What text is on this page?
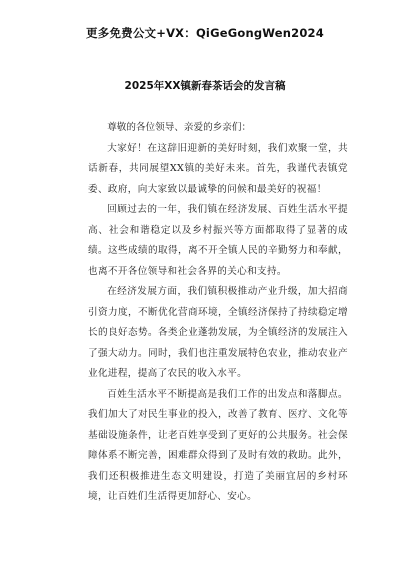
更多免费公文+VX：QiGeGongWen2024
2025年XX镇新春茶话会的发言稿

尊敬的各位领导、亲爱的乡亲们：

大家好！在这辞旧迎新的美好时刻，我们欢聚一堂，共话新春，共同展望XX镇的美好未来。首先，我谨代表镇党委、政府，向大家致以最诚挚的问候和最美好的祝福！

回顾过去的一年，我们镇在经济发展、百姓生活水平提高、社会和谐稳定以及乡村振兴等方面都取得了显著的成绩。这些成绩的取得，离不开全镇人民的辛勤努力和奉献，也离不开各位领导和社会各界的关心和支持。

在经济发展方面，我们镇积极推动产业升级，加大招商引资力度，不断优化营商环境，全镇经济保持了持续稳定增长的良好态势。各类企业蓬勃发展，为全镇经济的发展注入了强大动力。同时，我们也注重发展特色农业，推动农业产业化进程，提高了农民的收入水平。

百姓生活水平不断提高是我们工作的出发点和落脚点。我们加大了对民生事业的投入，改善了教育、医疗、文化等基础设施条件，让老百姓享受到了更好的公共服务。社会保障体系不断完善，困难群众得到了及时有效的救助。此外，我们还积极推进生态文明建设，打造了美丽宜居的乡村环境，让百姓们生活得更加舒心、安心。
